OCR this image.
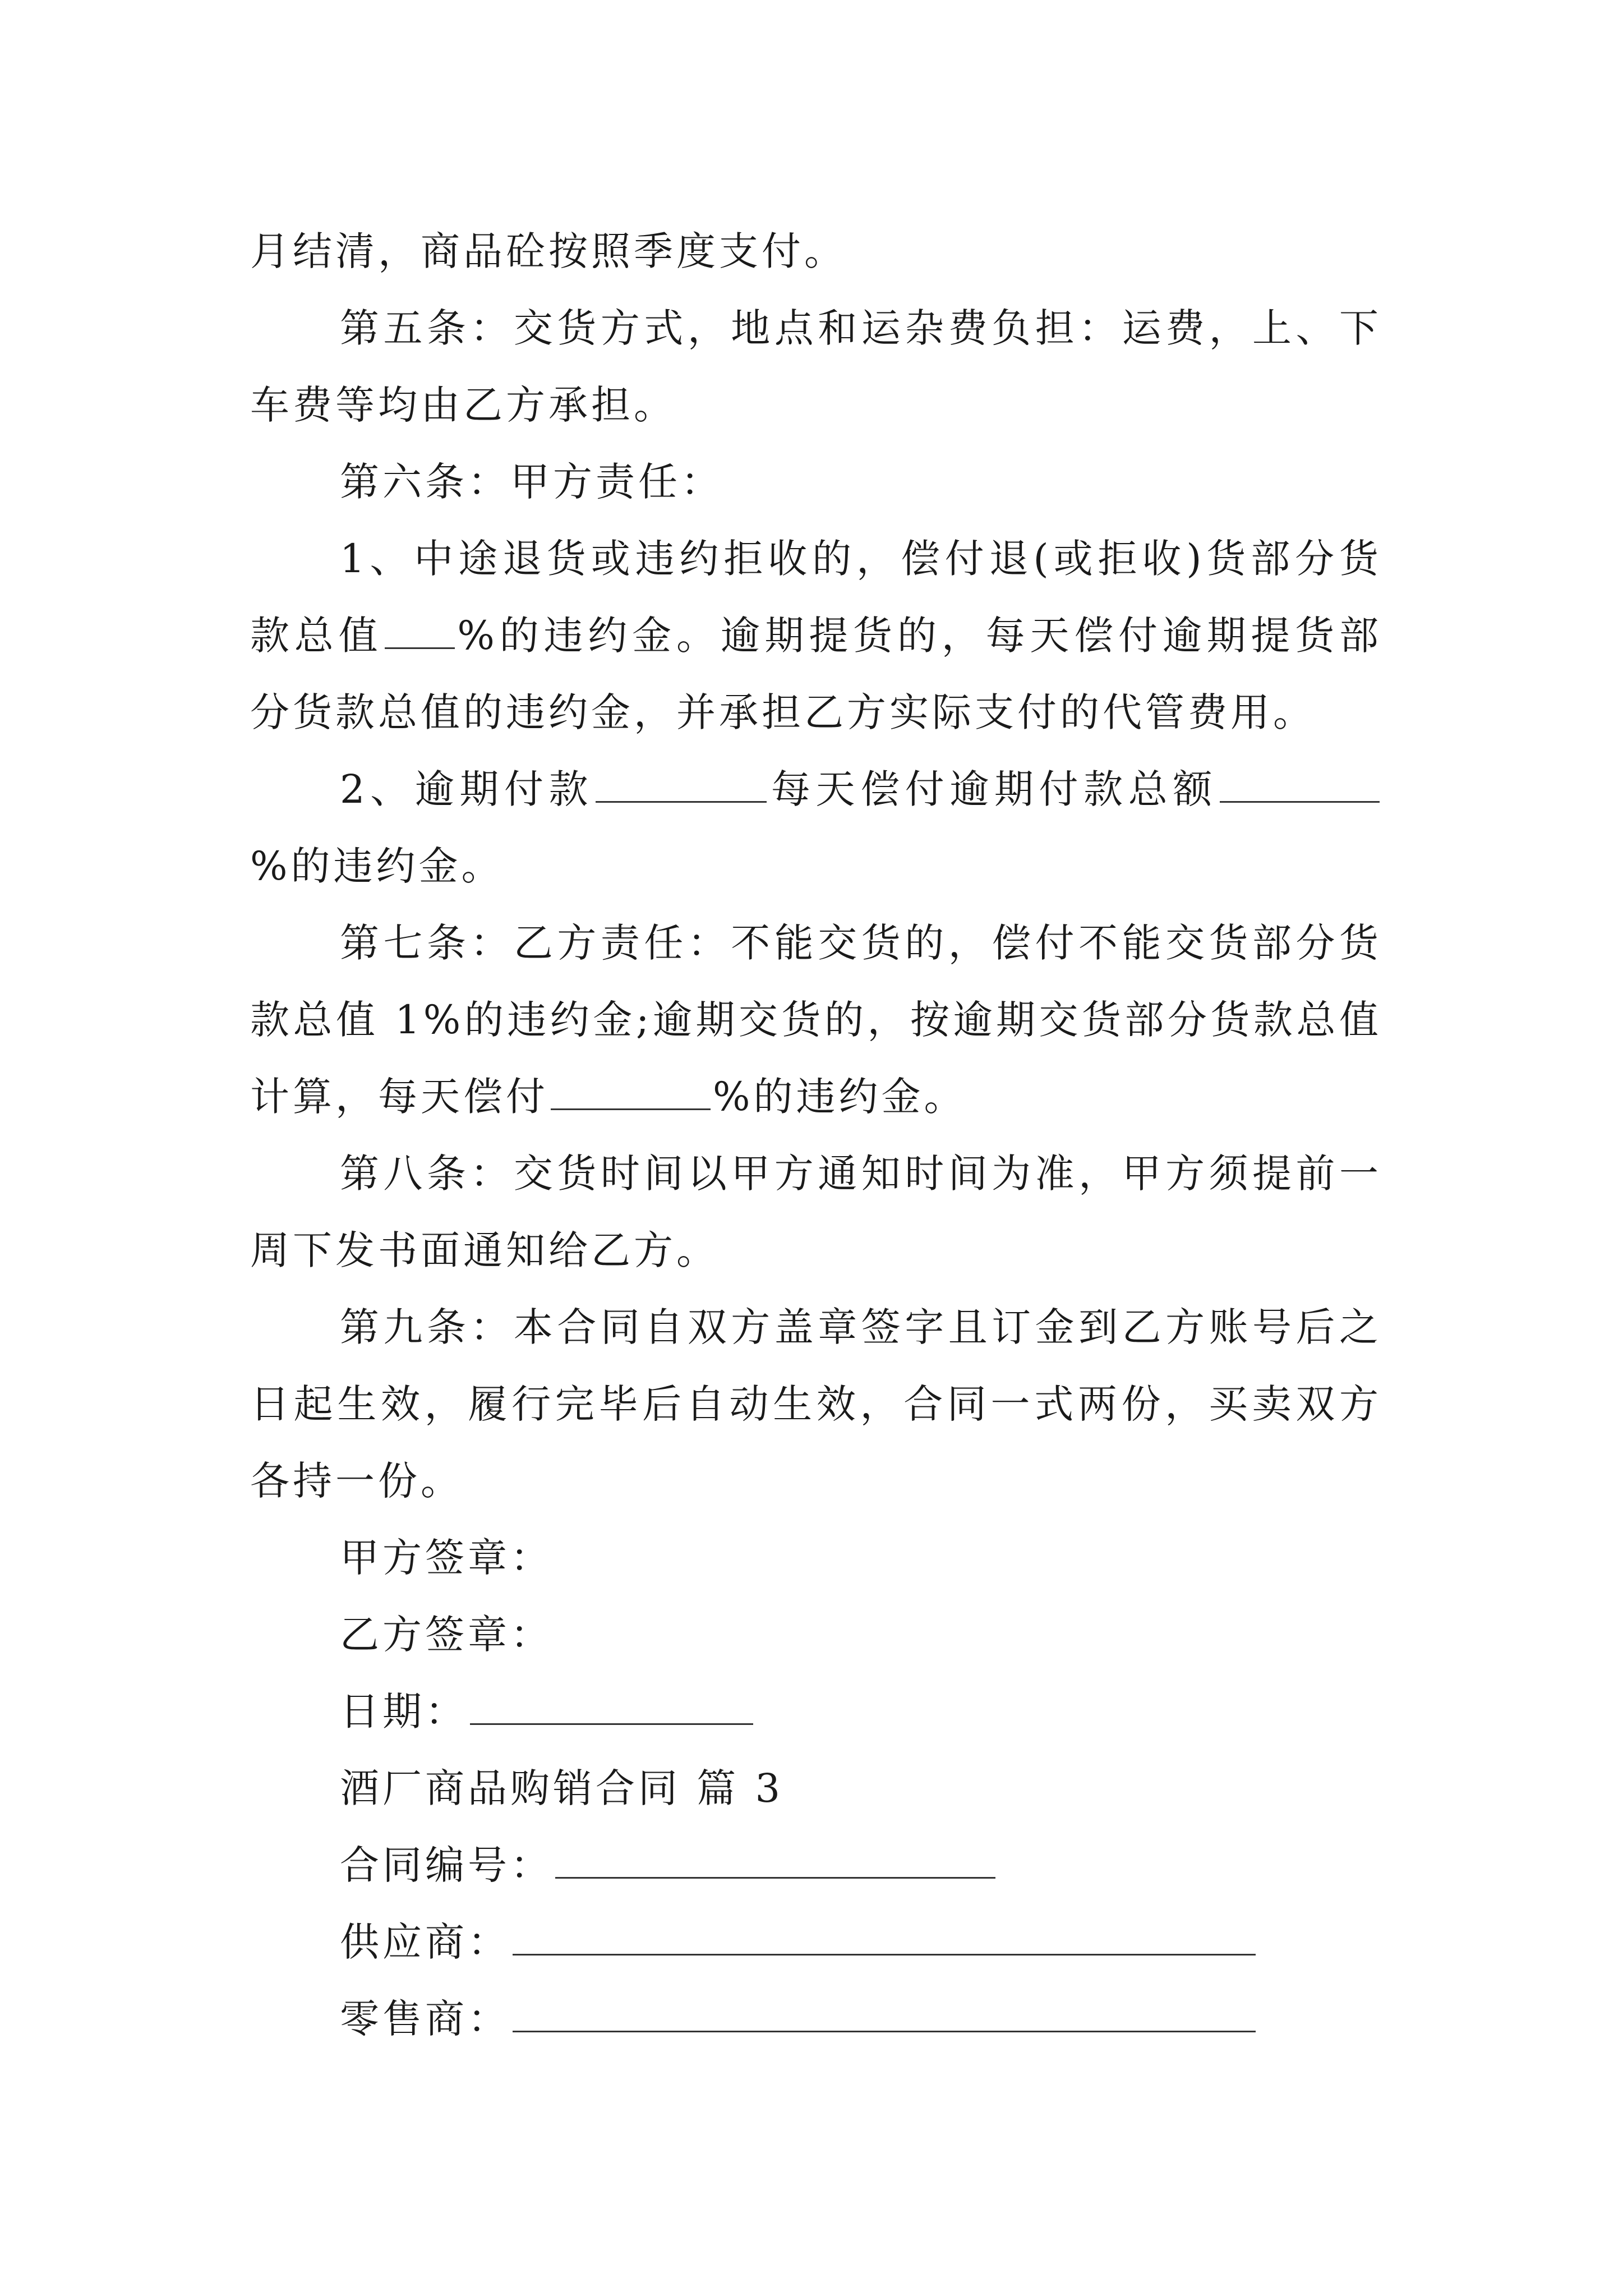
月结清，商品砼按照季度支付。

第五条：交货方式，地点和运杂费负担：运费，上、下车费等均由乙方承担。

第六条：甲方责任：

1、中途退货或违约拒收的，偿付退(或拒收)货部分货款总值 %的违约金。逾期提货的，每天偿付逾期提货部分货款总值的违约金，并承担乙方实际支付的代管费用。

2、逾期付款	每天偿付逾期付款总额%的违约金。

第七条：乙方责任：不能交货的，偿付不能交货部分货款总值 1%的违约金;逾期交货的，按逾期交货部分货款总值计算，每天偿付	%的违约金。

第八条：交货时间以甲方通知时间为准，甲方须提前一周下发书面通知给乙方。

第九条：本合同自双方盖章签字且订金到乙方账号后之日起生效，履行完毕后自动生效，合同一式两份，买卖双方各持一份。

甲方签章：

乙方签章：

日期：

酒厂商品购销合同 篇 3

合同编号：

供应商：

零售商：
